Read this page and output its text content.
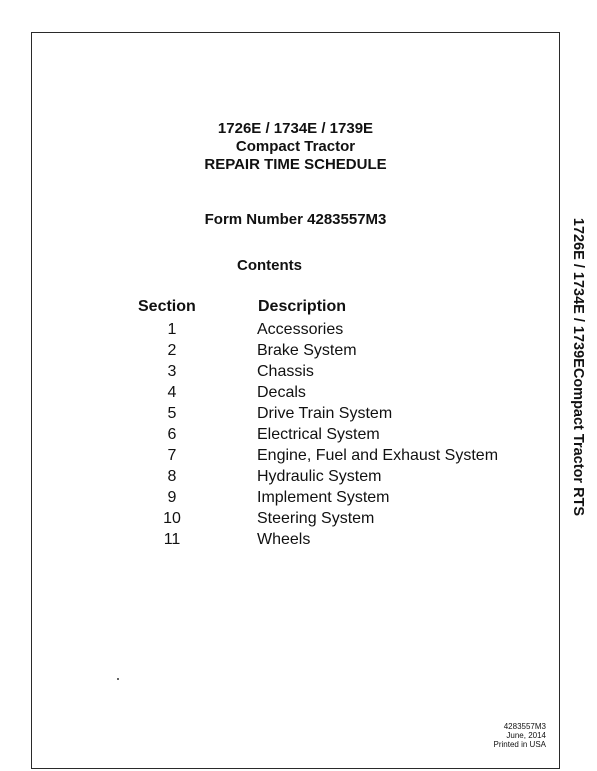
1726E / 1734E / 1739E
Compact Tractor
REPAIR TIME SCHEDULE
Form Number 4283557M3
Contents
Section	Description
1	Accessories
2	Brake System
3	Chassis
4	Decals
5	Drive Train System
6	Electrical System
7	Engine, Fuel and Exhaust System
8	Hydraulic System
9	Implement System
10	Steering System
11	Wheels
4283557M3
June, 2014
Printed in USA
1726E / 1734E / 1739ECompact Tractor RTS
